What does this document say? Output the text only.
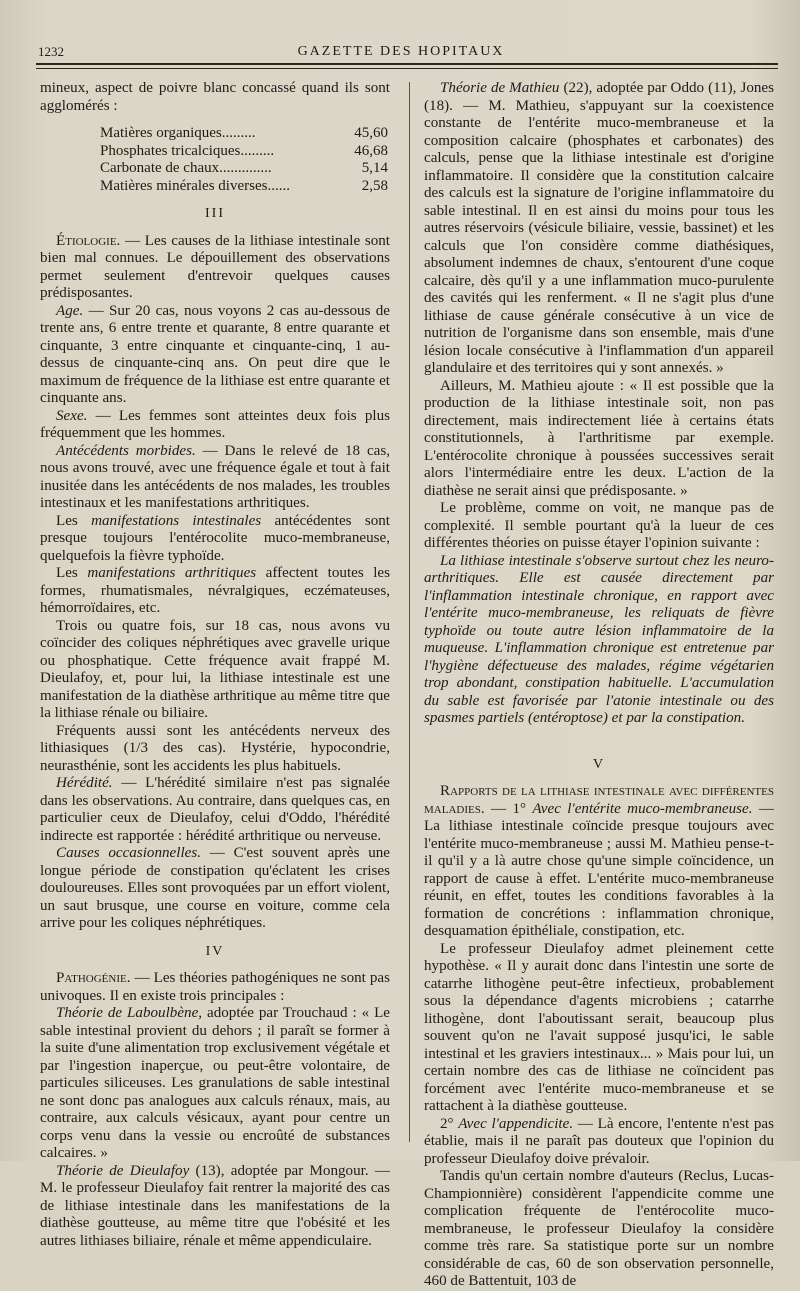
1232	GAZETTE DES HOPITAUX

mineux, aspect de poivre blanc concassé quand ils sont agglomérés :

Matières organiques.........	45,60
Phosphates tricalciques.........	46,68
Carbonate de chaux..............	5,14
Matières minérales diverses......	2,58

III

Étiologie. — Les causes de la lithiase intestinale sont bien mal connues. Le dépouillement des observations permet seulement d'entrevoir quelques causes prédisposantes.

Age. — Sur 20 cas, nous voyons 2 cas au-dessous de trente ans, 6 entre trente et quarante, 8 entre quarante et cinquante, 3 entre cinquante et cinquante-cinq, 1 au-dessus de cinquante-cinq ans. On peut dire que le maximum de fréquence de la lithiase est entre quarante et cinquante ans.

Sexe. — Les femmes sont atteintes deux fois plus fréquemment que les hommes.

Antécédents morbides. — Dans le relevé de 18 cas, nous avons trouvé, avec une fréquence égale et tout à fait inusitée dans les antécédents de nos malades, les troubles intestinaux et les manifestations arthritiques.

Les manifestations intestinales antécédentes sont presque toujours l'entérocolite muco-membraneuse, quelquefois la fièvre typhoïde.

Les manifestations arthritiques affectent toutes les formes, rhumatismales, névralgiques, eczémateuses, hémorroïdaires, etc.

Trois ou quatre fois, sur 18 cas, nous avons vu coïncider des coliques néphrétiques avec gravelle urique ou phosphatique. Cette fréquence avait frappé M. Dieulafoy, et, pour lui, la lithiase intestinale est une manifestation de la diathèse arthritique au même titre que la lithiase rénale ou biliaire.

Fréquents aussi sont les antécédents nerveux des lithiasiques (1/3 des cas). Hystérie, hypocondrie, neurasthénie, sont les accidents les plus habituels.

Hérédité. — L'hérédité similaire n'est pas signalée dans les observations. Au contraire, dans quelques cas, en particulier ceux de Dieulafoy, celui d'Oddo, l'hérédité indirecte est rapportée : hérédité arthritique ou nerveuse.

Causes occasionnelles. — C'est souvent après une longue période de constipation qu'éclatent les crises douloureuses. Elles sont provoquées par un effort violent, un saut brusque, une course en voiture, comme cela arrive pour les coliques néphrétiques.

IV

Pathogénie. — Les théories pathogéniques ne sont pas univoques. Il en existe trois principales :

Théorie de Laboulbène, adoptée par Trouchaud : « Le sable intestinal provient du dehors ; il paraît se former à la suite d'une alimentation trop exclusivement végétale et par l'ingestion inaperçue, ou peut-être volontaire, de particules siliceuses. Les granulations de sable intestinal ne sont donc pas analogues aux calculs rénaux, mais, au contraire, aux calculs vésicaux, ayant pour centre un corps venu dans la vessie ou encroûté de substances calcaires. »

Théorie de Dieulafoy (13), adoptée par Mongour. — M. le professeur Dieulafoy fait rentrer la majorité des cas de lithiase intestinale dans les manifestations de la diathèse goutteuse, au même titre que l'obésité et les autres lithiases biliaire, rénale et même appendiculaire.

Théorie de Mathieu (22), adoptée par Oddo (11), Jones (18). — M. Mathieu, s'appuyant sur la coexistence constante de l'entérite muco-membraneuse et la composition calcaire (phosphates et carbonates) des calculs, pense que la lithiase intestinale est d'origine inflammatoire. Il considère que la constitution calcaire des calculs est la signature de l'origine inflammatoire du sable intestinal. Il en est ainsi du moins pour tous les autres réservoirs (vésicule biliaire, vessie, bassinet) et les calculs que l'on considère comme diathésiques, absolument indemnes de chaux, s'entourent d'une coque calcaire, dès qu'il y a une inflammation muco-purulente des cavités qui les renferment. « Il ne s'agit plus d'une lithiase de cause générale consécutive à un vice de nutrition de l'organisme dans son ensemble, mais d'une lésion locale consécutive à l'inflammation d'un appareil glandulaire et des territoires qui y sont annexés. »

Ailleurs, M. Mathieu ajoute : « Il est possible que la production de la lithiase intestinale soit, non pas directement, mais indirectement liée à certains états constitutionnels, à l'arthritisme par exemple. L'entérocolite chronique à poussées successives serait alors l'intermédiaire entre les deux. L'action de la diathèse ne serait ainsi que prédisposante. »

Le problème, comme on voit, ne manque pas de complexité. Il semble pourtant qu'à la lueur de ces différentes théories on puisse étayer l'opinion suivante :

La lithiase intestinale s'observe surtout chez les neuro-arthritiques. Elle est causée directement par l'inflammation intestinale chronique, en rapport avec l'entérite muco-membraneuse, les reliquats de fièvre typhoïde ou toute autre lésion inflammatoire de la muqueuse. L'inflammation chronique est entretenue par l'hygiène défectueuse des malades, régime végétarien trop abondant, constipation habituelle. L'accumulation du sable est favorisée par l'atonie intestinale ou des spasmes partiels (entéroptose) et par la constipation.

V

Rapports de la lithiase intestinale avec différentes maladies. — 1° Avec l'entérite muco-membraneuse. — La lithiase intestinale coïncide presque toujours avec l'entérite muco-membraneuse ; aussi M. Mathieu pense-t-il qu'il y a là autre chose qu'une simple coïncidence, un rapport de cause à effet. L'entérite muco-membraneuse réunit, en effet, toutes les conditions favorables à la formation de concrétions : inflammation chronique, desquamation épithéliale, constipation, etc.

Le professeur Dieulafoy admet pleinement cette hypothèse. « Il y aurait donc dans l'intestin une sorte de catarrhe lithogène peut-être infectieux, probablement sous la dépendance d'agents microbiens ; catarrhe lithogène, dont l'aboutissant serait, beaucoup plus souvent qu'on ne l'avait supposé jusqu'ici, le sable intestinal et les graviers intestinaux... » Mais pour lui, un certain nombre des cas de lithiase ne coïncident pas forcément avec l'entérite muco-membraneuse et se rattachent à la diathèse goutteuse.

2° Avec l'appendicite. — Là encore, l'entente n'est pas établie, mais il ne paraît pas douteux que l'opinion du professeur Dieulafoy doive prévaloir.

Tandis qu'un certain nombre d'auteurs (Reclus, Lucas-Championnière) considèrent l'appendicite comme une complication fréquente de l'entérocolite muco-membraneuse, le professeur Dieulafoy la considère comme très rare. Sa statistique porte sur un nombre considérable de cas, 60 de son observation personnelle, 460 de Battentuit, 103 de
